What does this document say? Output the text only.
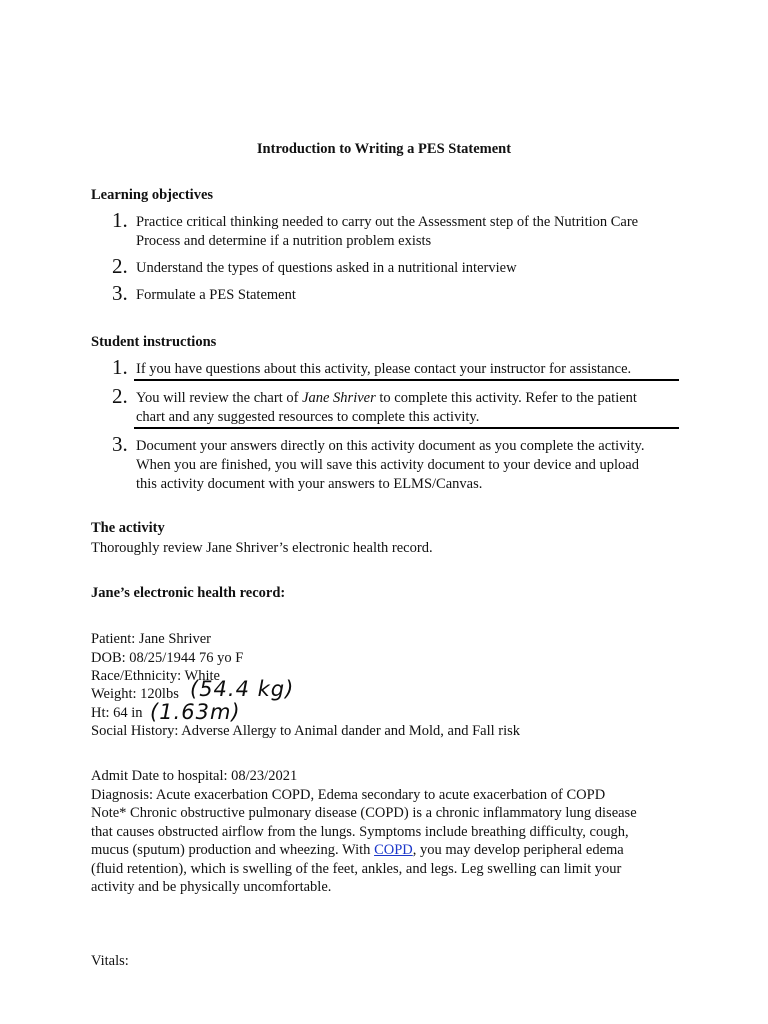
Introduction to Writing a PES Statement
Learning objectives
1. Practice critical thinking needed to carry out the Assessment step of the Nutrition Care
Process and determine if a nutrition problem exists
2. Understand the types of questions asked in a nutritional interview
3. Formulate a PES Statement
Student instructions
1. If you have questions about this activity, please contact your instructor for assistance.
2. You will review the chart of Jane Shriver to complete this activity. Refer to the patient
chart and any suggested resources to complete this activity.
3. Document your answers directly on this activity document as you complete the activity.
When you are finished, you will save this activity document to your device and upload
this activity document with your answers to ELMS/Canvas.
The activity
Thoroughly review Jane Shriver’s electronic health record.
Jane’s electronic health record:
Patient: Jane Shriver
DOB: 08/25/1944 76 yo F
Race/Ethnicity: White
Weight: 120lbs (54.4 kg)
Ht: 64 in (1.63m)
Social History: Adverse Allergy to Animal dander and Mold, and Fall risk
Admit Date to hospital: 08/23/2021
Diagnosis: Acute exacerbation COPD, Edema secondary to acute exacerbation of COPD
Note* Chronic obstructive pulmonary disease (COPD) is a chronic inflammatory lung disease
that causes obstructed airflow from the lungs. Symptoms include breathing difficulty, cough,
mucus (sputum) production and wheezing. With COPD, you may develop peripheral edema
(fluid retention), which is swelling of the feet, ankles, and legs. Leg swelling can limit your
activity and be physically uncomfortable.
Vitals:
